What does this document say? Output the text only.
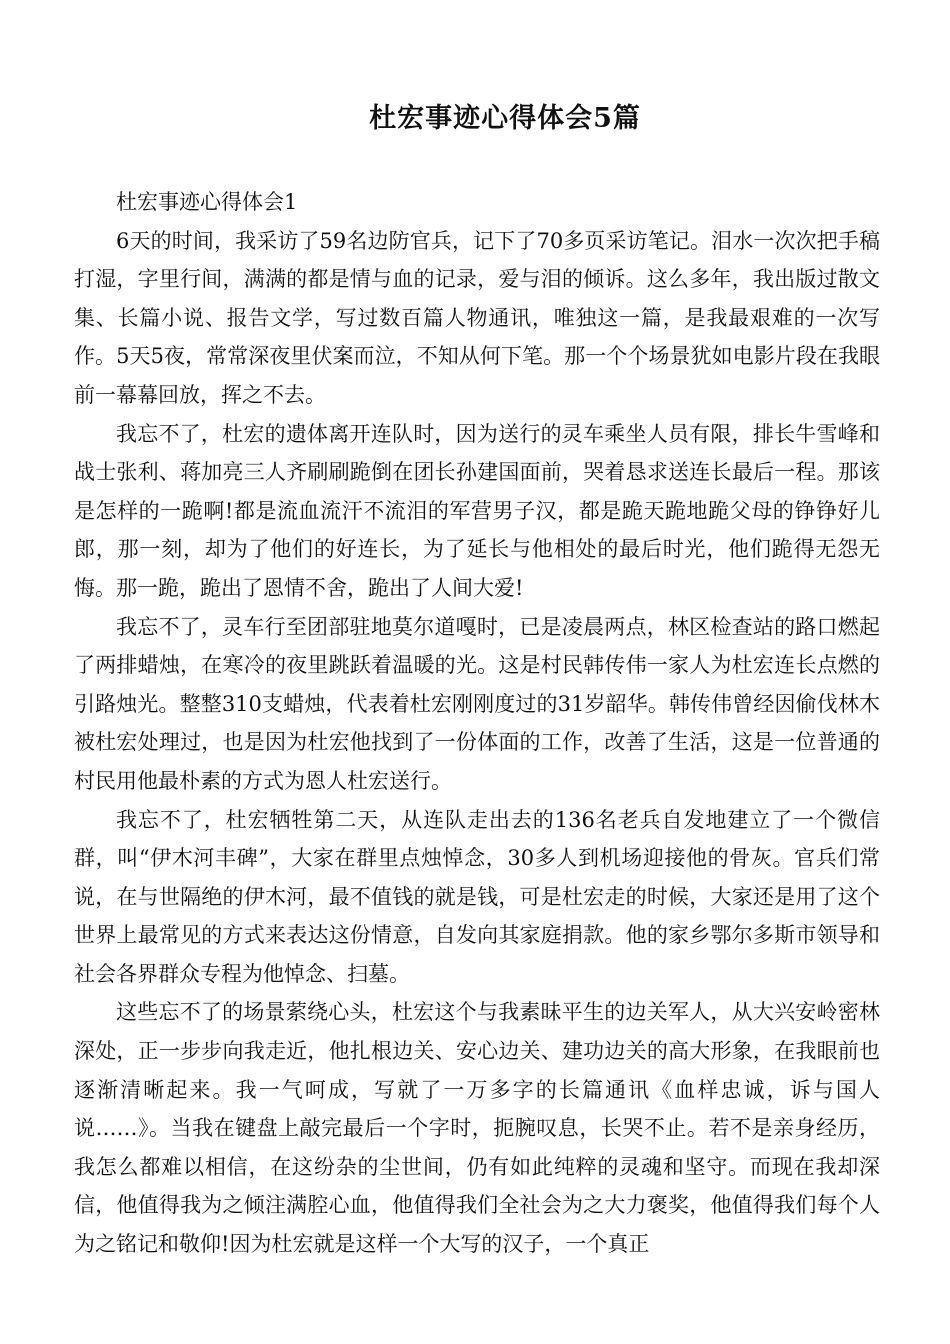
杜宏事迹心得体会5篇

杜宏事迹心得体会1

6天的时间，我采访了59名边防官兵，记下了70多页采访笔记。泪水一次次把手稿打湿，字里行间，满满的都是情与血的记录，爱与泪的倾诉。这么多年，我出版过散文集、长篇小说、报告文学，写过数百篇人物通讯，唯独这一篇，是我最艰难的一次写作。5天5夜，常常深夜里伏案而泣，不知从何下笔。那一个个场景犹如电影片段在我眼前一幕幕回放，挥之不去。

我忘不了，杜宏的遗体离开连队时，因为送行的灵车乘坐人员有限，排长牛雪峰和战士张利、蒋加亮三人齐刷刷跪倒在团长孙建国面前，哭着恳求送连长最后一程。那该是怎样的一跪啊!都是流血流汗不流泪的军营男子汉，都是跪天跪地跪父母的铮铮好儿郎，那一刻，却为了他们的好连长，为了延长与他相处的最后时光，他们跪得无怨无悔。那一跪，跪出了恩情不舍，跪出了人间大爱!

我忘不了，灵车行至团部驻地莫尔道嘎时，已是凌晨两点，林区检查站的路口燃起了两排蜡烛，在寒冷的夜里跳跃着温暖的光。这是村民韩传伟一家人为杜宏连长点燃的引路烛光。整整310支蜡烛，代表着杜宏刚刚度过的31岁韶华。韩传伟曾经因偷伐林木被杜宏处理过，也是因为杜宏他找到了一份体面的工作，改善了生活，这是一位普通的村民用他最朴素的方式为恩人杜宏送行。

我忘不了，杜宏牺牲第二天，从连队走出去的136名老兵自发地建立了一个微信群，叫“伊木河丰碑”，大家在群里点烛悼念，30多人到机场迎接他的骨灰。官兵们常说，在与世隔绝的伊木河，最不值钱的就是钱，可是杜宏走的时候，大家还是用了这个世界上最常见的方式来表达这份情意，自发向其家庭捐款。他的家乡鄂尔多斯市领导和社会各界群众专程为他悼念、扫墓。

这些忘不了的场景萦绕心头，杜宏这个与我素昧平生的边关军人，从大兴安岭密林深处，正一步步向我走近，他扎根边关、安心边关、建功边关的高大形象，在我眼前也逐渐清晰起来。我一气呵成，写就了一万多字的长篇通讯《血样忠诚，诉与国人说……》。当我在键盘上敲完最后一个字时，扼腕叹息，长哭不止。若不是亲身经历，我怎么都难以相信，在这纷杂的尘世间，仍有如此纯粹的灵魂和坚守。而现在我却深信，他值得我为之倾注满腔心血，他值得我们全社会为之大力褒奖，他值得我们每个人为之铭记和敬仰!因为杜宏就是这样一个大写的汉子，一个真正
